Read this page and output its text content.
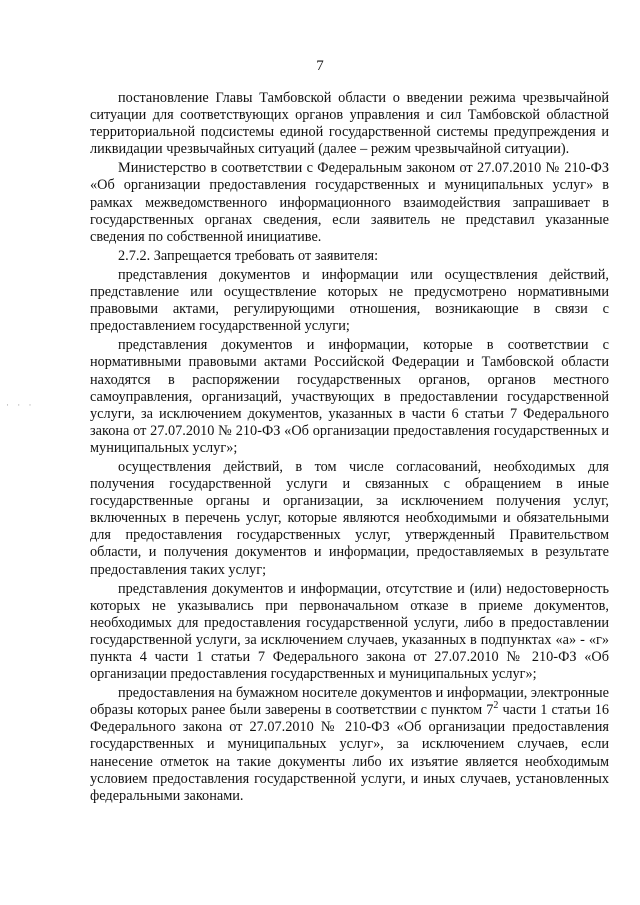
7
· · ·

постановление Главы Тамбовской области о введении режима чрезвычайной ситуации для соответствующих органов управления и сил Тамбовской областной территориальной подсистемы единой государственной системы предупреждения и ликвидации чрезвычайных ситуаций (далее – режим чрезвычайной ситуации).

Министерство в соответствии с Федеральным законом от 27.07.2010 № 210-ФЗ «Об организации предоставления государственных и муниципальных услуг» в рамках межведомственного информационного взаимодействия запрашивает в государственных органах сведения, если заявитель не представил указанные сведения по собственной инициативе.

2.7.2. Запрещается требовать от заявителя:

представления документов и информации или осуществления действий, представление или осуществление которых не предусмотрено нормативными правовыми актами, регулирующими отношения, возникающие в связи с предоставлением государственной услуги;

представления документов и информации, которые в соответствии с нормативными правовыми актами Российской Федерации и Тамбовской области находятся в распоряжении государственных органов, органов местного самоуправления, организаций, участвующих в предоставлении государственной услуги, за исключением документов, указанных в части 6 статьи 7 Федерального закона от 27.07.2010 № 210-ФЗ «Об организации предоставления государственных и муниципальных услуг»;

осуществления действий, в том числе согласований, необходимых для получения государственной услуги и связанных с обращением в иные государственные органы и организации, за исключением получения услуг, включенных в перечень услуг, которые являются необходимыми и обязательными для предоставления государственных услуг, утвержденный Правительством области, и получения документов и информации, предоставляемых в результате предоставления таких услуг;

представления документов и информации, отсутствие и (или) недостоверность которых не указывались при первоначальном отказе в приеме документов, необходимых для предоставления государственной услуги, либо в предоставлении государственной услуги, за исключением случаев, указанных в подпунктах «а» - «г» пункта 4 части 1 статьи 7 Федерального закона от 27.07.2010 № 210-ФЗ «Об организации предоставления государственных и муниципальных услуг»;

предоставления на бумажном носителе документов и информации, электронные образы которых ранее были заверены в соответствии с пунктом $7^2$ части 1 статьи 16 Федерального закона от 27.07.2010 № 210-ФЗ «Об организации предоставления государственных и муниципальных услуг», за исключением случаев, если нанесение отметок на такие документы либо их изъятие является необходимым условием предоставления государственной услуги, и иных случаев, установленных федеральными законами.
